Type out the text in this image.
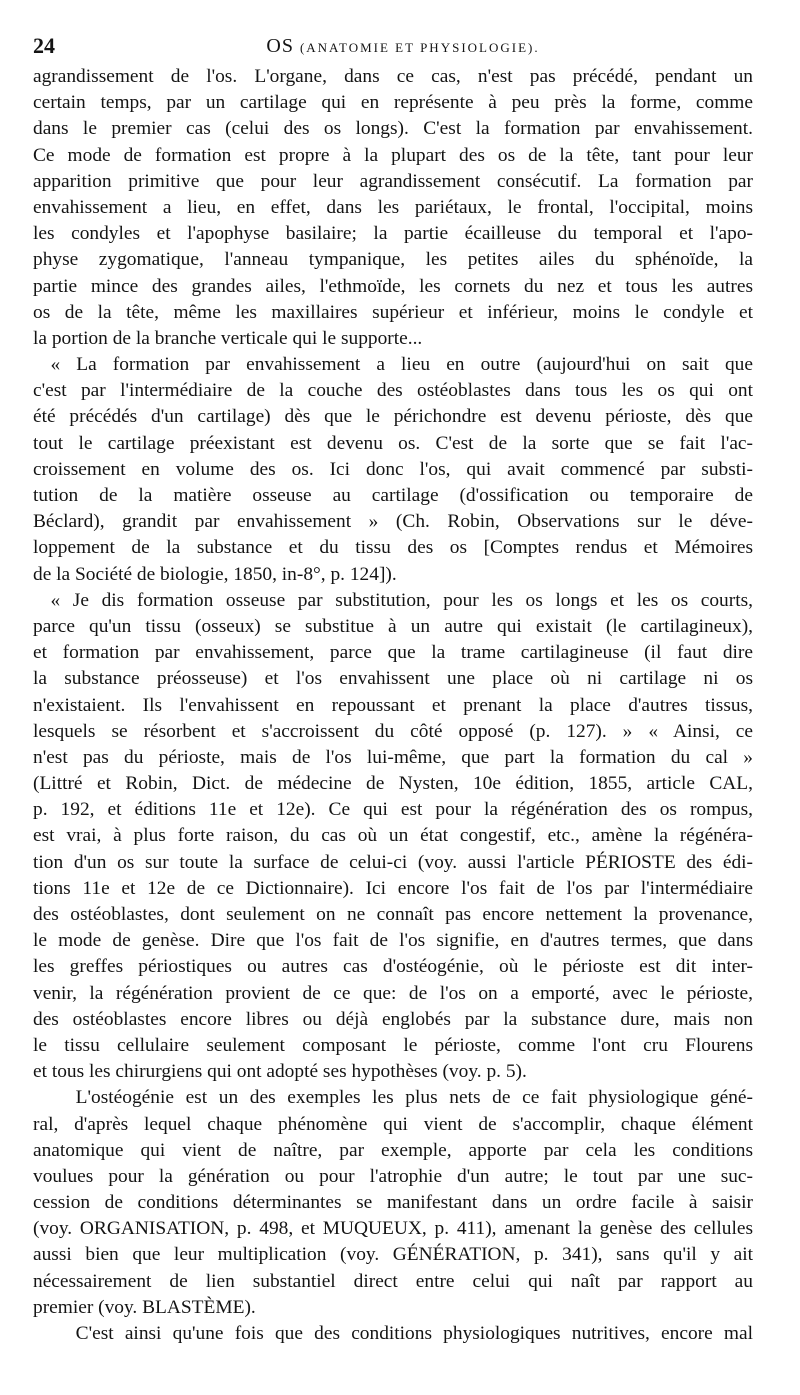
24	OS (ANATOMIE ET PHYSIOLOGIE).
agrandissement de l'os. L'organe, dans ce cas, n'est pas précédé, pendant un
certain temps, par un cartilage qui en représente à peu près la forme, comme
dans le premier cas (celui des os longs). C'est la formation par envahissement.
Ce mode de formation est propre à la plupart des os de la tête, tant pour leur
apparition primitive que pour leur agrandissement consécutif. La formation par
envahissement a lieu, en effet, dans les pariétaux, le frontal, l'occipital, moins
les condyles et l'apophyse basilaire; la partie écailleuse du temporal et l'apo-
physe zygomatique, l'anneau tympanique, les petites ailes du sphénoïde, la
partie mince des grandes ailes, l'ethmoïde, les cornets du nez et tous les autres
os de la tête, même les maxillaires supérieur et inférieur, moins le condyle et
la portion de la branche verticale qui le supporte...
« La formation par envahissement a lieu en outre (aujourd'hui on sait que
c'est par l'intermédiaire de la couche des ostéoblastes dans tous les os qui ont
été précédés d'un cartilage) dès que le périchondre est devenu périoste, dès que
tout le cartilage préexistant est devenu os. C'est de la sorte que se fait l'ac-
croissement en volume des os. Ici donc l'os, qui avait commencé par substi-
tution de la matière osseuse au cartilage (d'ossification ou temporaire de
Béclard), grandit par envahissement » (Ch. Robin, Observations sur le déve-
loppement de la substance et du tissu des os [Comptes rendus et Mémoires
de la Société de biologie, 1850, in-8°, p. 124]).
« Je dis formation osseuse par substitution, pour les os longs et les os courts,
parce qu'un tissu (osseux) se substitue à un autre qui existait (le cartilagineux),
et formation par envahissement, parce que la trame cartilagineuse (il faut dire
la substance préosseuse) et l'os envahissent une place où ni cartilage ni os
n'existaient. Ils l'envahissent en repoussant et prenant la place d'autres tissus,
lesquels se résorbent et s'accroissent du côté opposé (p. 127). » « Ainsi, ce
n'est pas du périoste, mais de l'os lui-même, que part la formation du cal »
(Littré et Robin, Dict. de médecine de Nysten, 10e édition, 1855, article CAL,
p. 192, et éditions 11e et 12e). Ce qui est pour la régénération des os rompus,
est vrai, à plus forte raison, du cas où un état congestif, etc., amène la régénéra-
tion d'un os sur toute la surface de celui-ci (voy. aussi l'article PÉRIOSTE des édi-
tions 11e et 12e de ce Dictionnaire). Ici encore l'os fait de l'os par l'intermédiaire
des ostéoblastes, dont seulement on ne connaît pas encore nettement la provenance,
le mode de genèse. Dire que l'os fait de l'os signifie, en d'autres termes, que dans
les greffes périostiques ou autres cas d'ostéogénie, où le périoste est dit inter-
venir, la régénération provient de ce que: de l'os on a emporté, avec le périoste,
des ostéoblastes encore libres ou déjà englobés par la substance dure, mais non
le tissu cellulaire seulement composant le périoste, comme l'ont cru Flourens
et tous les chirurgiens qui ont adopté ses hypothèses (voy. p. 5).
L'ostéogénie est un des exemples les plus nets de ce fait physiologique géné-
ral, d'après lequel chaque phénomène qui vient de s'accomplir, chaque élément
anatomique qui vient de naître, par exemple, apporte par cela les conditions
voulues pour la génération ou pour l'atrophie d'un autre; le tout par une suc-
cession de conditions déterminantes se manifestant dans un ordre facile à saisir
(voy. ORGANISATION, p. 498, et MUQUEUX, p. 411), amenant la genèse des cellules
aussi bien que leur multiplication (voy. GÉNÉRATION, p. 341), sans qu'il y ait
nécessairement de lien substantiel direct entre celui qui naît par rapport au
premier (voy. BLASTÈME).
C'est ainsi qu'une fois que des conditions physiologiques nutritives, encore mal
